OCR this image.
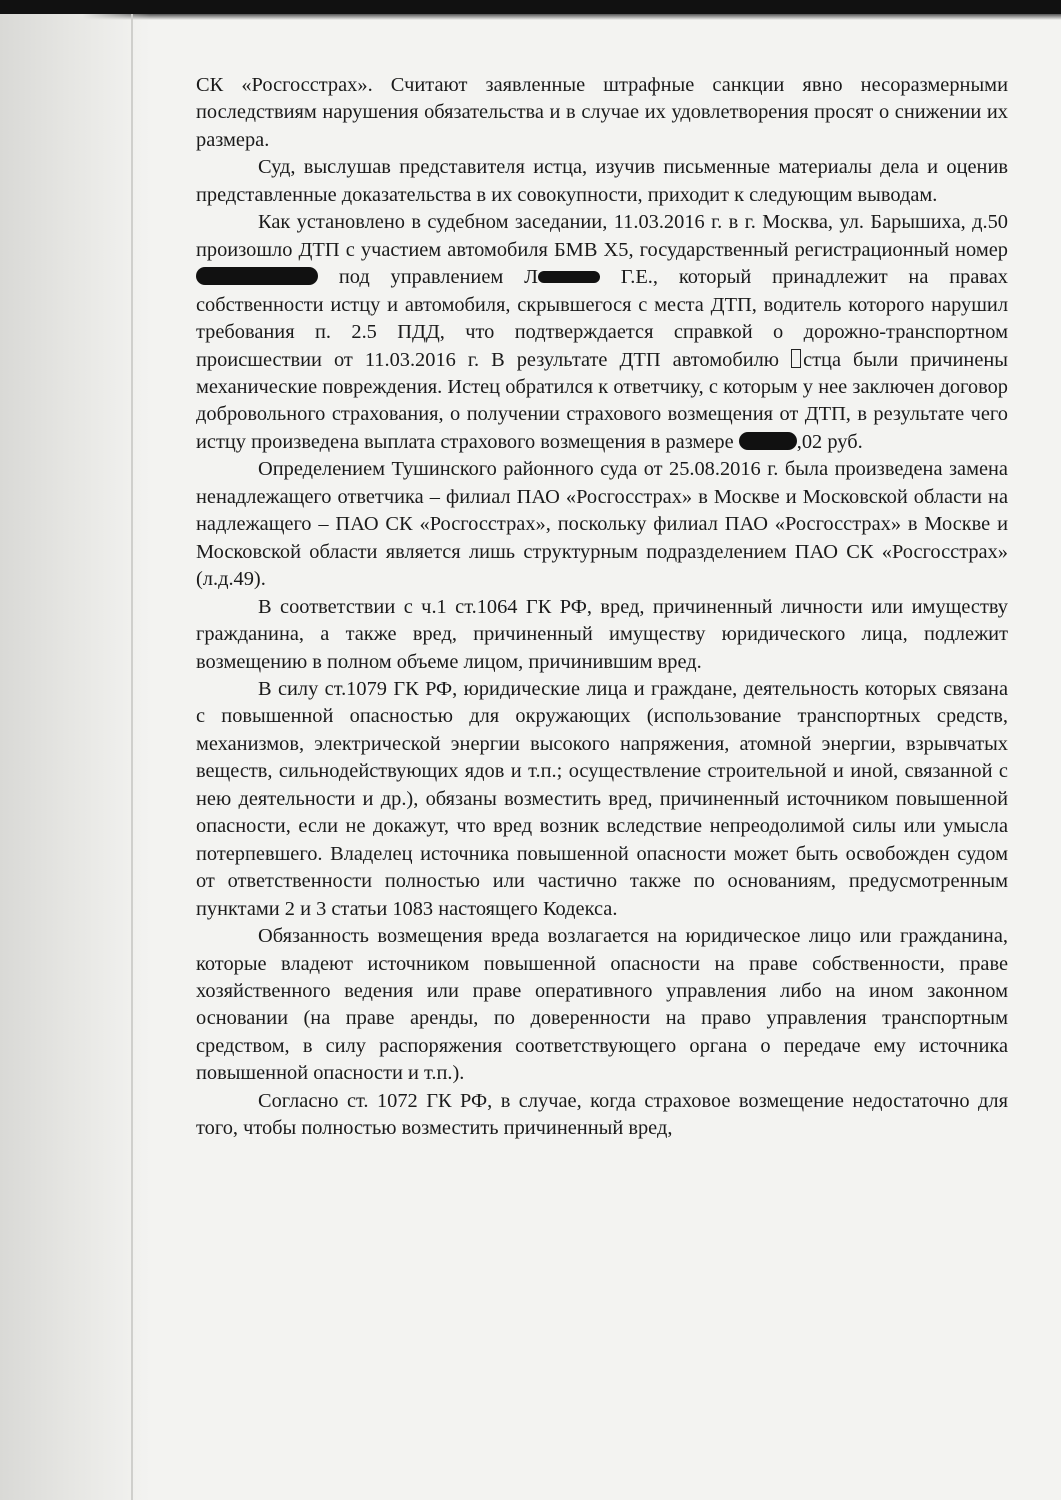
СК «Росгосстрах». Считают заявленные штрафные санкции явно несоразмерными последствиям нарушения обязательства и в случае их удовлетворения просят о снижении их размера.

Суд, выслушав представителя истца, изучив письменные материалы дела и оценив представленные доказательства в их совокупности, приходит к следующим выводам.

Как установлено в судебном заседании, 11.03.2016 г. в г. Москва, ул. Барышиха, д.50 произошло ДТП с участием автомобиля БМВ Х5, государственный регистрационный номер  под управлением Л	Г.Е., который принадлежит на правах собственности истцу и автомобиля, скрывшегося с места ДТП, водитель которого нарушил требования п. 2.5 ПДД, что подтверждается справкой о дорожно-транспортном происшествии от 11.03.2016 г. В результате ДТП автомобилю стца были причинены механические повреждения. Истец обратился к ответчику, с которым у нее заключен договор добровольного страхования, о получении страхового возмещения от ДТП, в результате чего истцу произведена выплата страхового возмещения в размере	,02 руб.

Определением Тушинского районного суда от 25.08.2016 г. была произведена замена ненадлежащего ответчика – филиал ПАО «Росгосстрах» в Москве и Московской области на надлежащего – ПАО СК «Росгосстрах», поскольку филиал ПАО «Росгосстрах» в Москве и Московской области является лишь структурным подразделением ПАО СК «Росгосстрах» (л.д.49).

В соответствии с ч.1 ст.1064 ГК РФ, вред, причиненный личности или имуществу гражданина, а также вред, причиненный имуществу юридического лица, подлежит возмещению в полном объеме лицом, причинившим вред.

В силу ст.1079 ГК РФ, юридические лица и граждане, деятельность которых связана с повышенной опасностью для окружающих (использование транспортных средств, механизмов, электрической энергии высокого напряжения, атомной энергии, взрывчатых веществ, сильнодействующих ядов и т.п.; осуществление строительной и иной, связанной с нею деятельности и др.), обязаны возместить вред, причиненный источником повышенной опасности, если не докажут, что вред возник вследствие непреодолимой силы или умысла потерпевшего. Владелец источника повышенной опасности может быть освобожден судом от ответственности полностью или частично также по основаниям, предусмотренным пунктами 2 и 3 статьи 1083 настоящего Кодекса.

Обязанность возмещения вреда возлагается на юридическое лицо или гражданина, которые владеют источником повышенной опасности на праве собственности, праве хозяйственного ведения или праве оперативного управления либо на ином законном основании (на праве аренды, по доверенности на право управления транспортным средством, в силу распоряжения соответствующего органа о передаче ему источника повышенной опасности и т.п.).

Согласно ст. 1072 ГК РФ, в случае, когда страховое возмещение недостаточно для того, чтобы полностью возместить причиненный вред,
